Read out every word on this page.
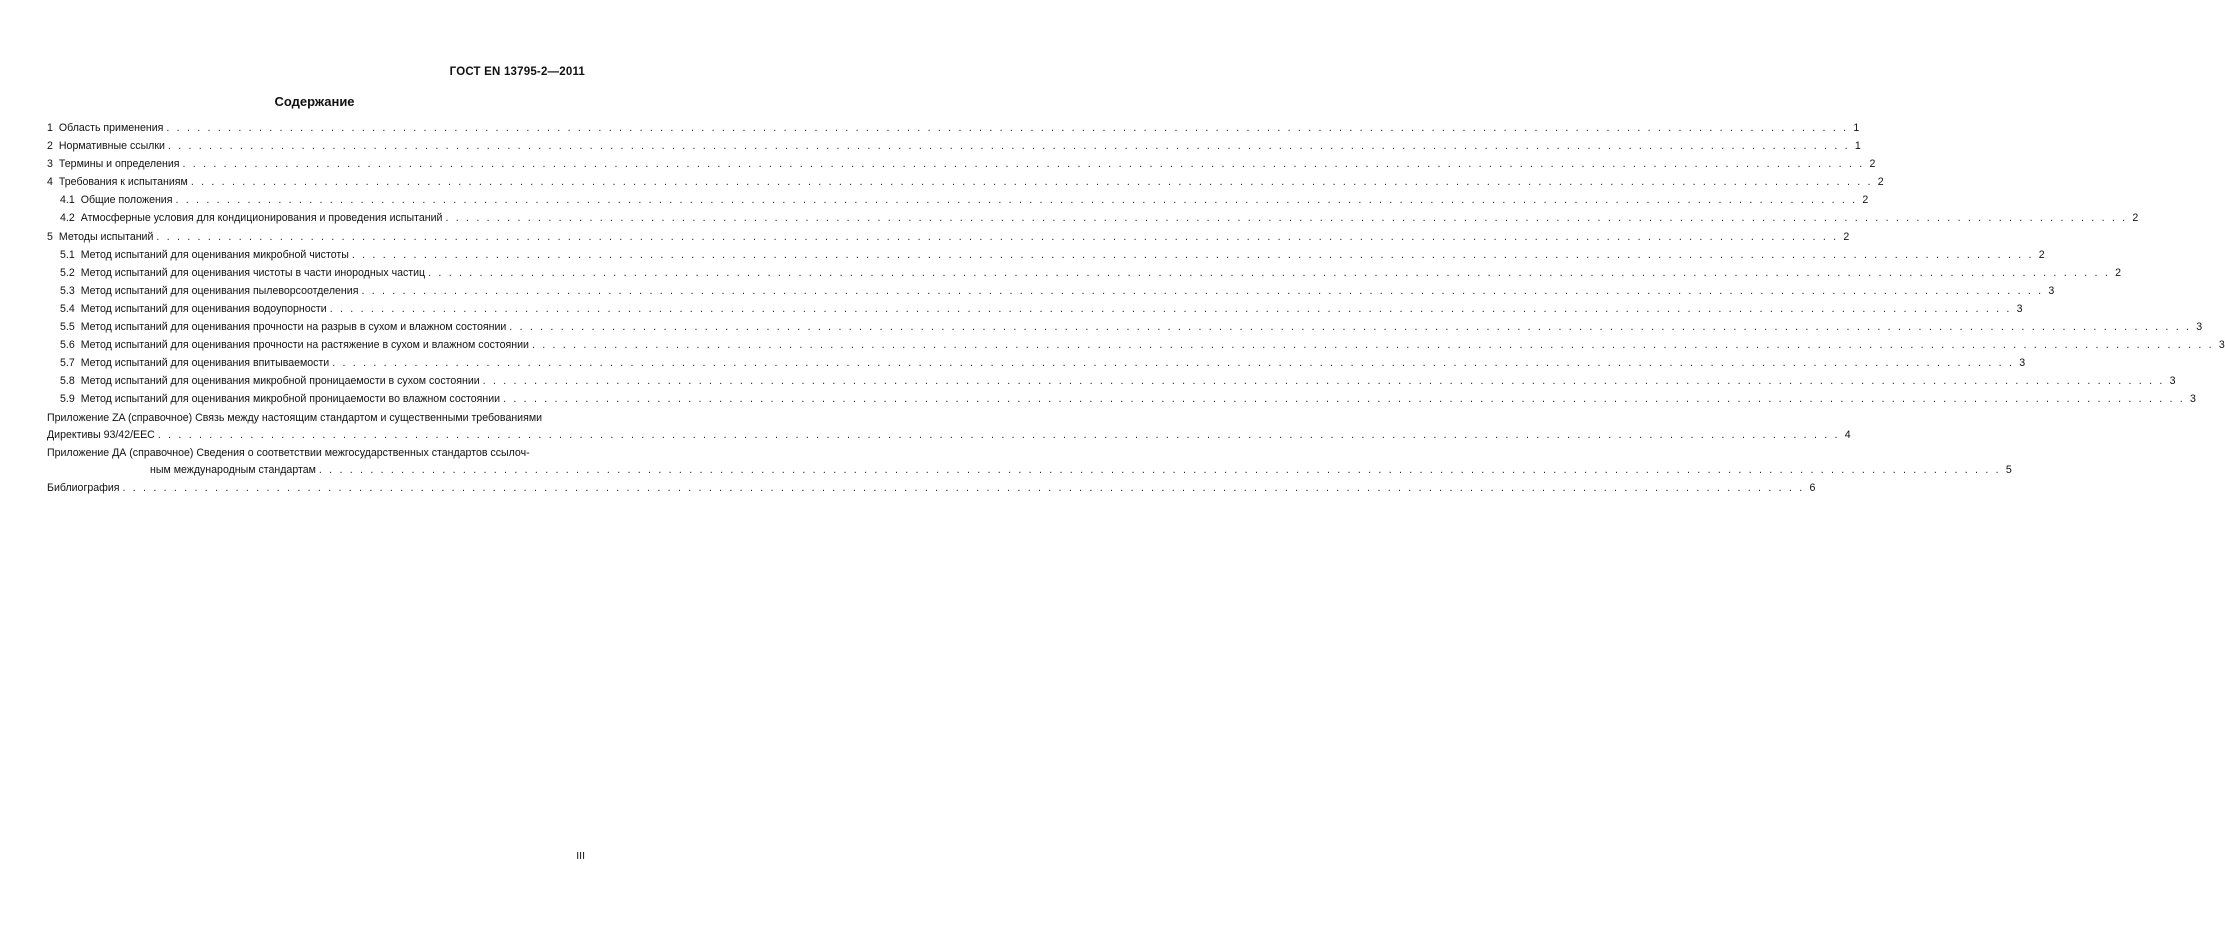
ГОСТ EN 13795-2—2011
Содержание
1 Область применения . . .	1
2 Нормативные ссылки . . .	1
3 Термины и определения . . .	2
4 Требования к испытаниям . . .	2
4.1 Общие положения . . .	2
4.2 Атмосферные условия для кондиционирования и проведения испытаний . . .	2
5 Методы испытаний . . .	2
5.1 Метод испытаний для оценивания микробной чистоты . . .	2
5.2 Метод испытаний для оценивания чистоты в части инородных частиц . . .	2
5.3 Метод испытаний для оценивания пылеворсоотделения . . .	3
5.4 Метод испытаний для оценивания водоупорности . . .	3
5.5 Метод испытаний для оценивания прочности на разрыв в сухом и влажном состоянии . . .	3
5.6 Метод испытаний для оценивания прочности на растяжение в сухом и влажном состоянии . . .	3
5.7 Метод испытаний для оценивания впитываемости . . .	3
5.8 Метод испытаний для оценивания микробной проницаемости в сухом состоянии . . .	3
5.9 Метод испытаний для оценивания микробной проницаемости во влажном состоянии . . .	3
Приложение ZA (справочное) Связь между настоящим стандартом и существенными требованиями
Директивы 93/42/EEC . . .	4
Приложение ДА (справочное) Сведения о соответствии межгосударственных стандартов ссылоч-
ным международным стандартам . . .	5
Библиография . . .	6
III
